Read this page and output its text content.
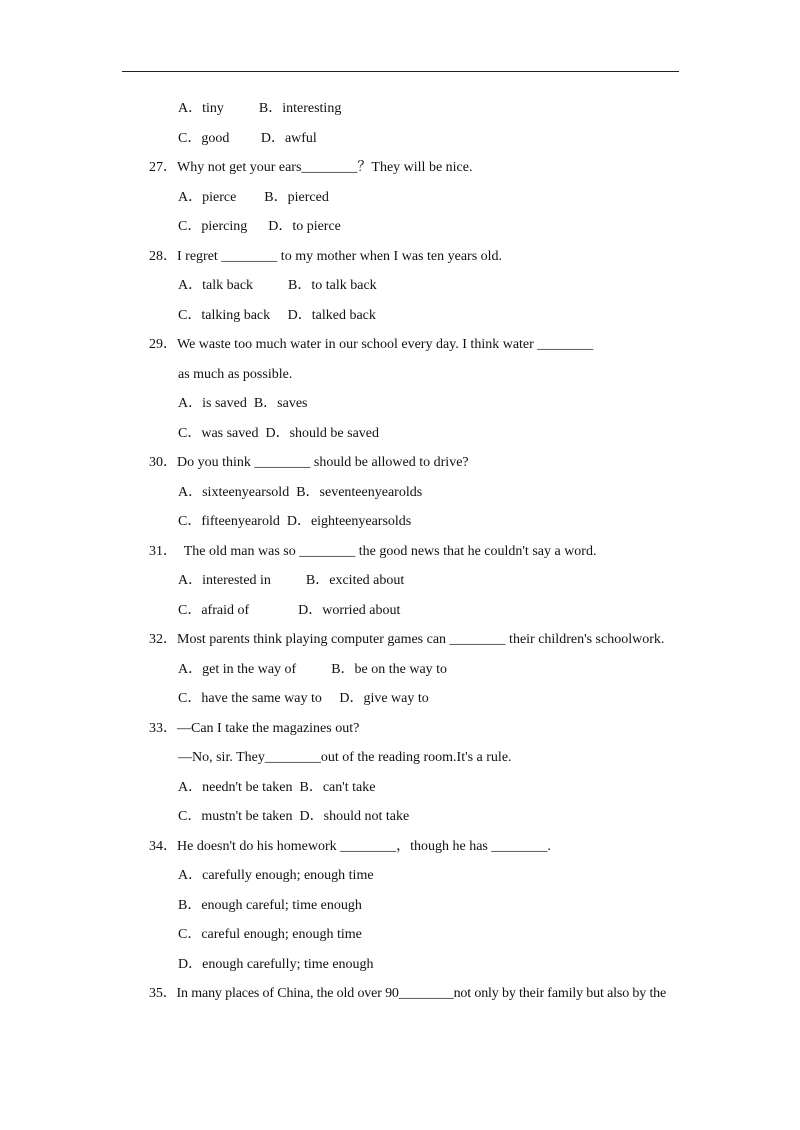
A．tiny          B．interesting
C．good         D．awful
27．Why not get your ears________？They will be nice.
A．pierce        B．pierced
C．piercing      D．to pierce
28．I regret ________ to my mother when I was ten years old.
A．talk back          B．to talk back
C．talking back     D．talked back
29．We waste too much water in our school every day. I think water ________
as much as possible.
A．is saved  B．saves
C．was saved  D．should be saved
30．Do you think ________ should be allowed to drive?
A．sixteenyearsold  B．seventeenyearolds
C．fifteenyearold  D．eighteenyearsolds
31．  The old man was so ________ the good news that he couldn't say a word.
A．interested in          B．excited about
C．afraid of              D．worried about
32．Most parents think playing computer games can ________ their children's schoolwork.
A．get in the way of          B．be on the way to
C．have the same way to     D．give way to
33．—Can I take the magazines out?
—No, sir. They________out of the reading room.It's a rule.
A．needn't be taken  B．can't take
C．mustn't be taken  D．should not take
34．He doesn't do his homework ________，though he has ________.
A．carefully enough; enough time
B．enough careful; time enough
C．careful enough; enough time
D．enough carefully; time enough
35．In many places of China, the old over 90________not only by their family but also by the
